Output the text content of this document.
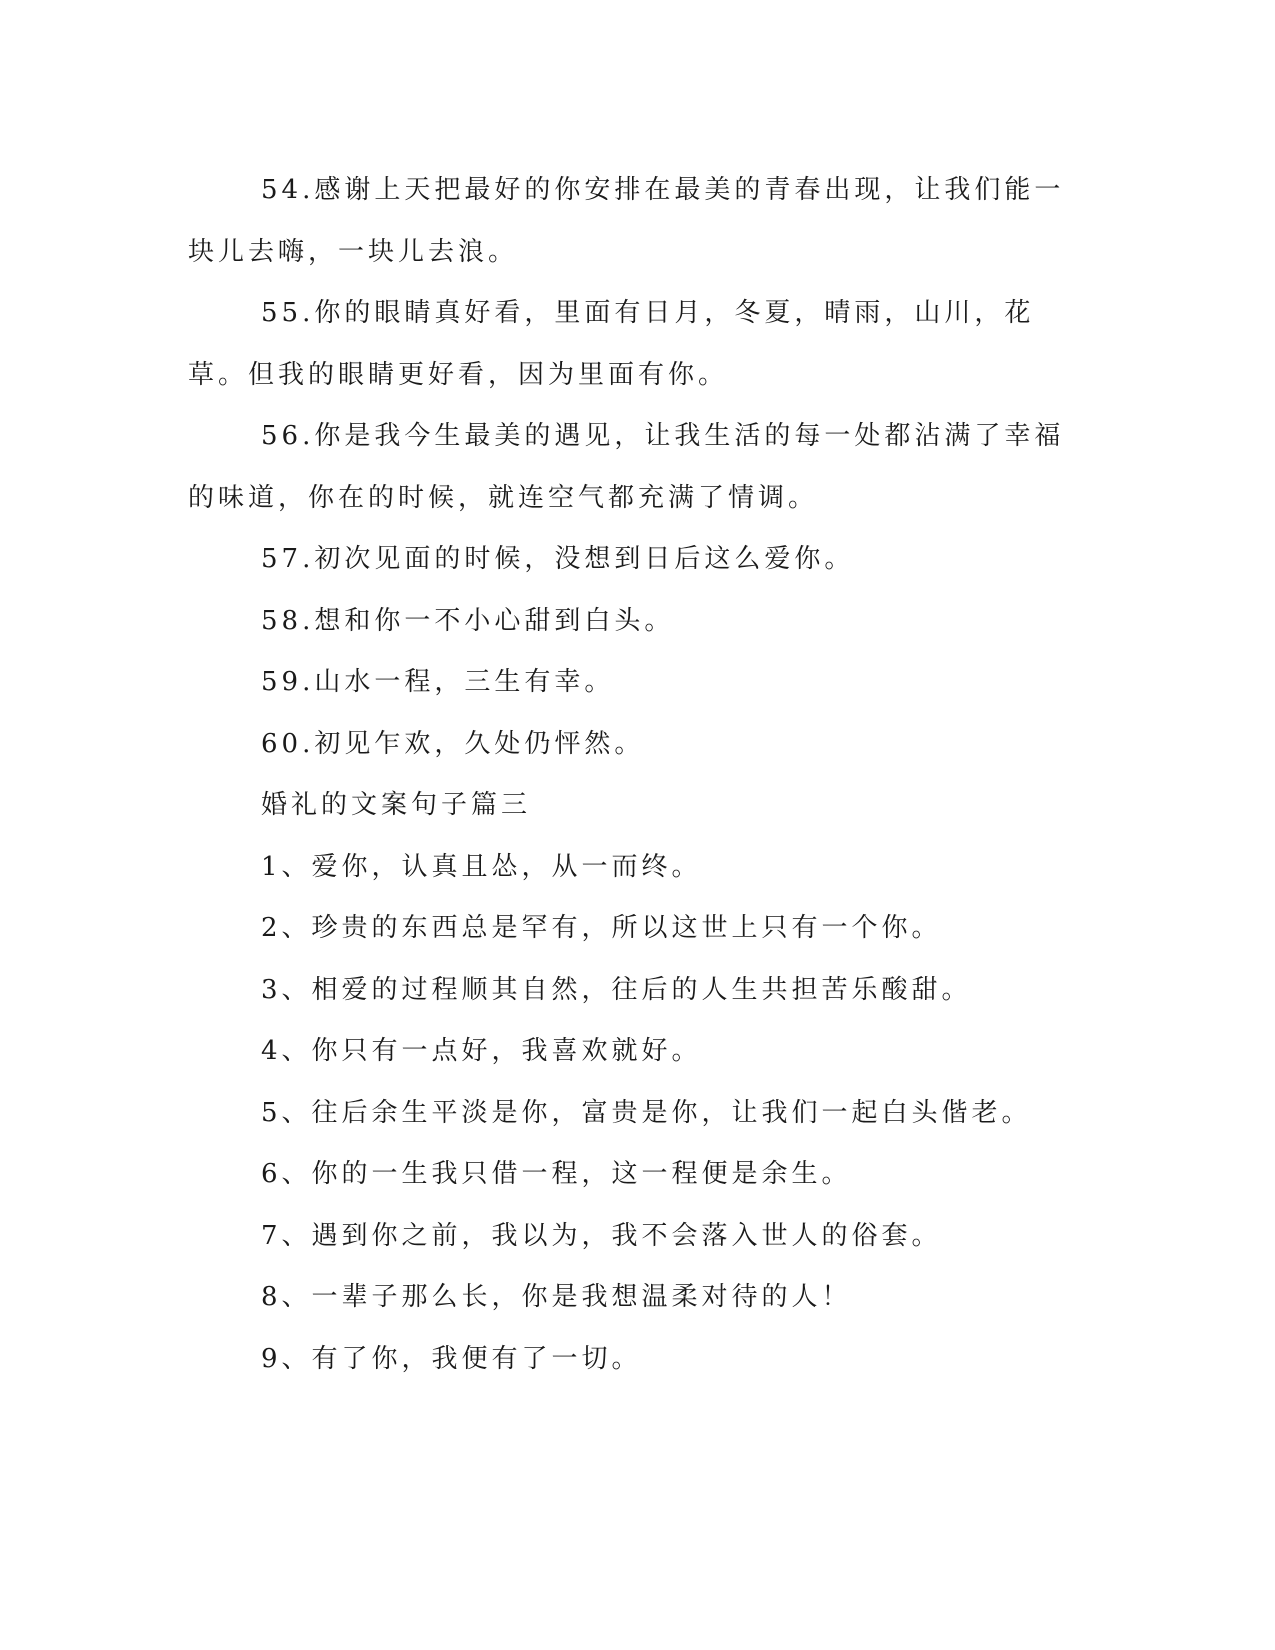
54.感谢上天把最好的你安排在最美的青春出现，让我们能一块儿去嗨，一块儿去浪。

55.你的眼睛真好看，里面有日月，冬夏，晴雨，山川，花草。但我的眼睛更好看，因为里面有你。

56.你是我今生最美的遇见，让我生活的每一处都沾满了幸福的味道，你在的时候，就连空气都充满了情调。

57.初次见面的时候，没想到日后这么爱你。

58.想和你一不小心甜到白头。

59.山水一程，三生有幸。

60.初见乍欢，久处仍怦然。

婚礼的文案句子篇三

1、爱你，认真且怂，从一而终。

2、珍贵的东西总是罕有，所以这世上只有一个你。

3、相爱的过程顺其自然，往后的人生共担苦乐酸甜。

4、你只有一点好，我喜欢就好。

5、往后余生平淡是你，富贵是你，让我们一起白头偕老。

6、你的一生我只借一程，这一程便是余生。

7、遇到你之前，我以为，我不会落入世人的俗套。

8、一辈子那么长，你是我想温柔对待的人！

9、有了你，我便有了一切。
